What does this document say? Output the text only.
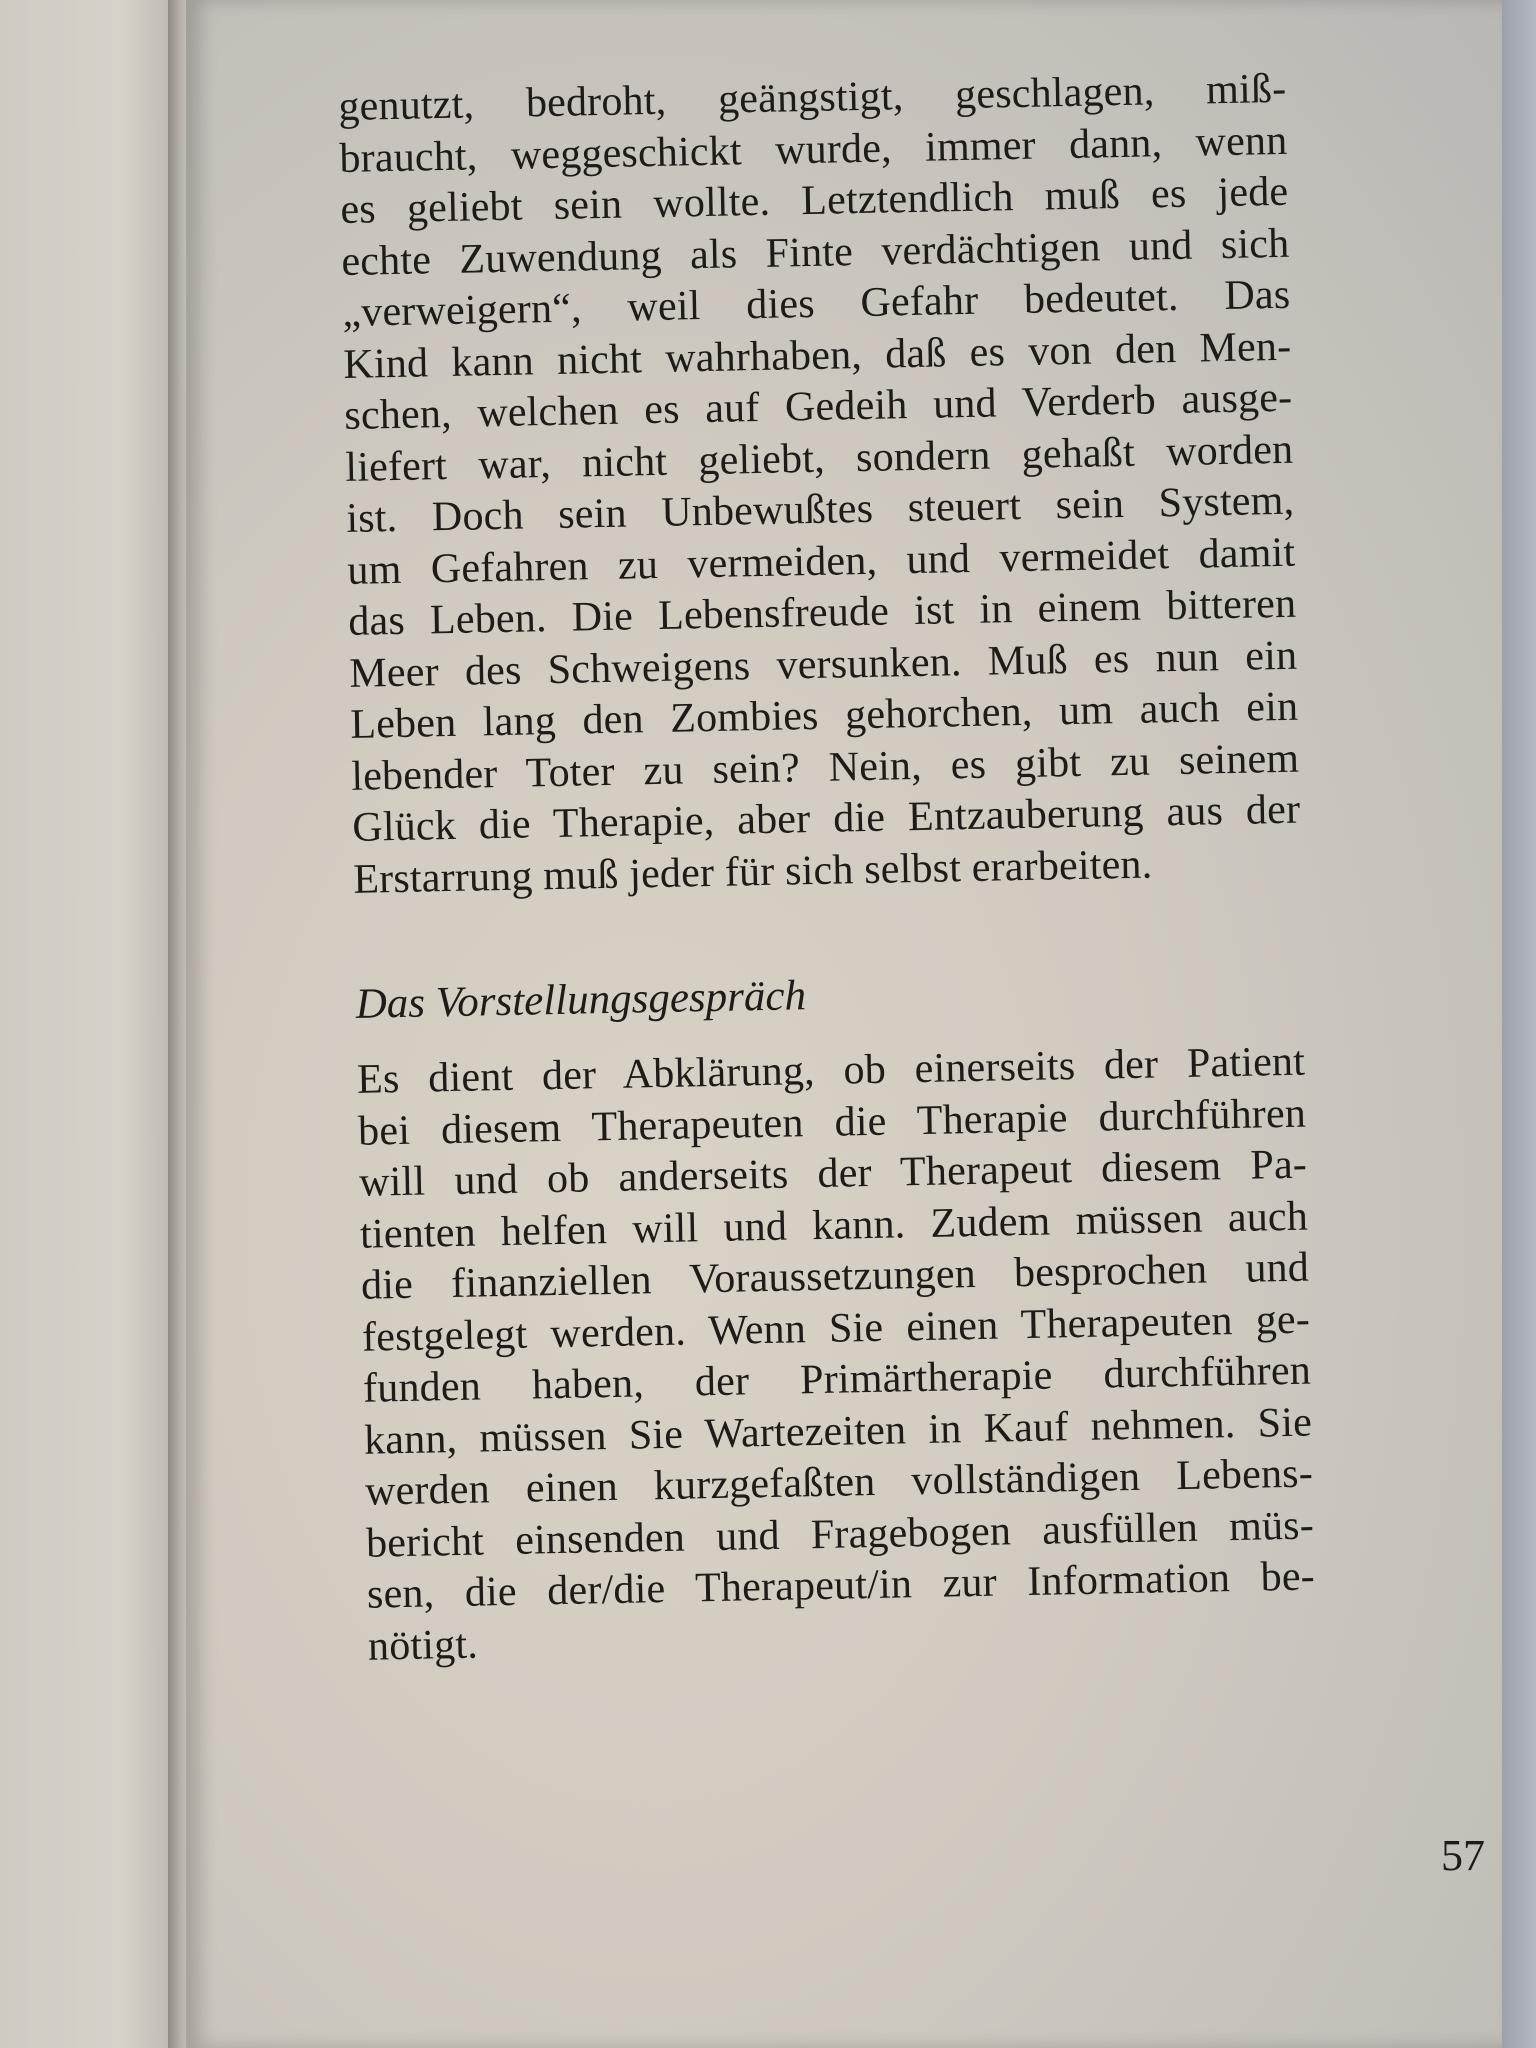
genutzt, bedroht, geängstigt, geschlagen, miß-
braucht, weggeschickt wurde, immer dann, wenn
es geliebt sein wollte. Letztendlich muß es jede
echte Zuwendung als Finte verdächtigen und sich
„verweigern“, weil dies Gefahr bedeutet. Das
Kind kann nicht wahrhaben, daß es von den Men-
schen, welchen es auf Gedeih und Verderb ausge-
liefert war, nicht geliebt, sondern gehaßt worden
ist. Doch sein Unbewußtes steuert sein System,
um Gefahren zu vermeiden, und vermeidet damit
das Leben. Die Lebensfreude ist in einem bitteren
Meer des Schweigens versunken. Muß es nun ein
Leben lang den Zombies gehorchen, um auch ein
lebender Toter zu sein? Nein, es gibt zu seinem
Glück die Therapie, aber die Entzauberung aus der
Erstarrung muß jeder für sich selbst erarbeiten.
Das Vorstellungsgespräch
Es dient der Abklärung, ob einerseits der Patient
bei diesem Therapeuten die Therapie durchführen
will und ob anderseits der Therapeut diesem Pa-
tienten helfen will und kann. Zudem müssen auch
die finanziellen Voraussetzungen besprochen und
festgelegt werden. Wenn Sie einen Therapeuten ge-
funden haben, der Primärtherapie durchführen
kann, müssen Sie Wartezeiten in Kauf nehmen. Sie
werden einen kurzgefaßten vollständigen Lebens-
bericht einsenden und Fragebogen ausfüllen müs-
sen, die der/die Therapeut/in zur Information be-
nötigt.
57
